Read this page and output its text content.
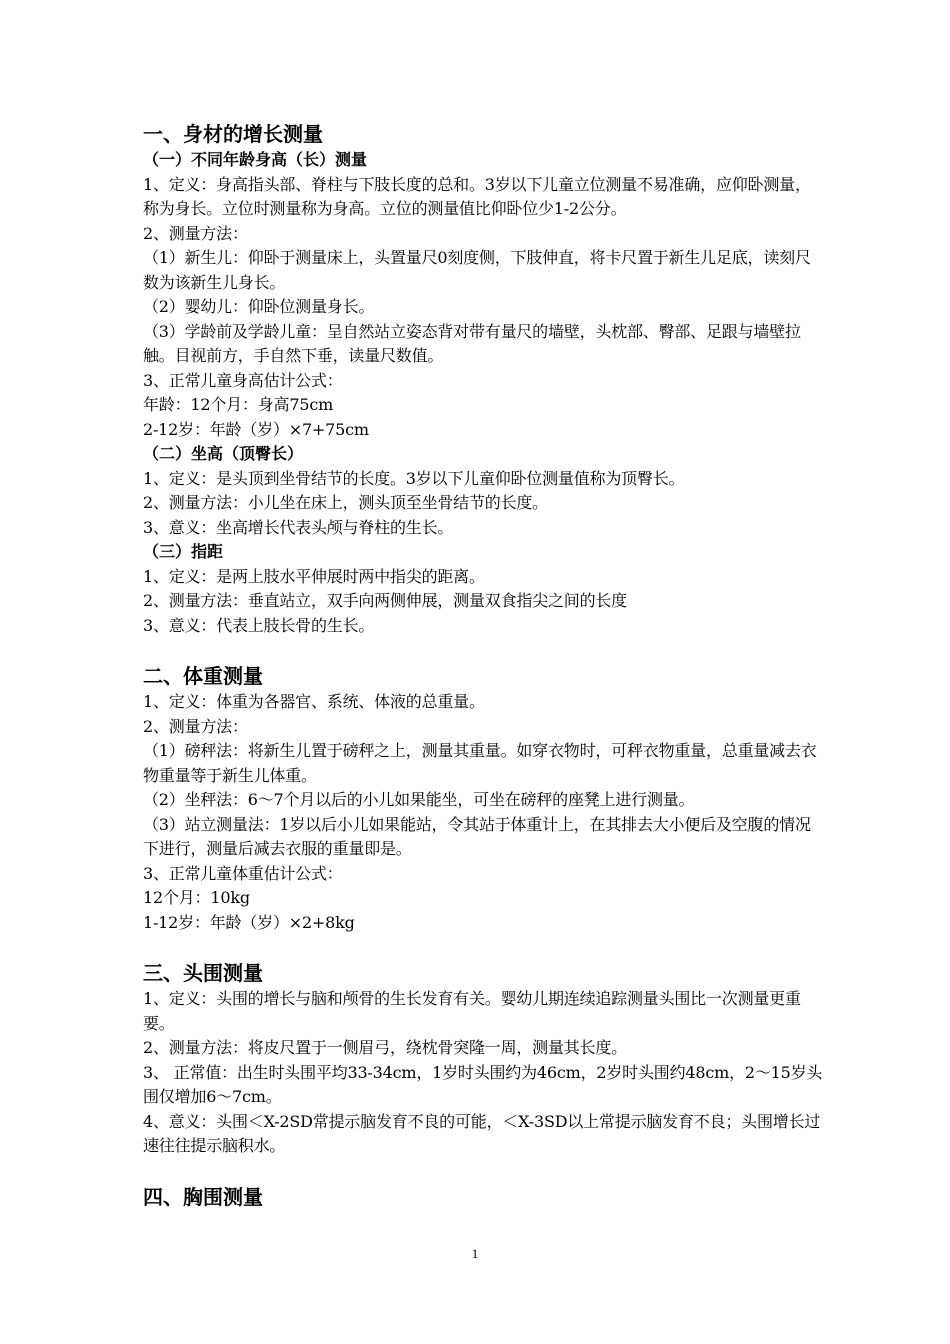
一、身材的增长测量
（一）不同年龄身高（长）测量

1、定义：身高指头部、脊柱与下肢长度的总和。3岁以下儿童立位测量不易准确，应仰卧测量，称为身长。立位时测量称为身高。立位的测量值比仰卧位少1-2公分。

2、测量方法：

（1）新生儿：仰卧于测量床上，头置量尺0刻度侧，下肢伸直，将卡尺置于新生儿足底，读刻尺数为该新生儿身长。

（2）婴幼儿：仰卧位测量身长。

（3）学龄前及学龄儿童：呈自然站立姿态背对带有量尺的墙壁，头枕部、臀部、足跟与墙壁拉触。目视前方，手自然下垂，读量尺数值。

3、正常儿童身高估计公式：

年龄：12个月：身高75cm

2-12岁：年龄（岁）×7+75cm

（二）坐高（顶臀长）

1、定义：是头顶到坐骨结节的长度。3岁以下儿童仰卧位测量值称为顶臀长。

2、测量方法：小儿坐在床上，测头顶至坐骨结节的长度。

3、意义：坐高增长代表头颅与脊柱的生长。

（三）指距

1、定义：是两上肢水平伸展时两中指尖的距离。

2、测量方法：垂直站立，双手向两侧伸展，测量双食指尖之间的长度

3、意义：代表上肢长骨的生长。

二、体重测量

1、定义：体重为各器官、系统、体液的总重量。

2、测量方法：

（1）磅秤法：将新生儿置于磅秤之上，测量其重量。如穿衣物时，可秤衣物重量，总重量减去衣物重量等于新生儿体重。

（2）坐秤法：6～7个月以后的小儿如果能坐，可坐在磅秤的座凳上进行测量。

（3）站立测量法：1岁以后小儿如果能站，令其站于体重计上，在其排去大小便后及空腹的情况下进行，测量后减去衣服的重量即是。

3、正常儿童体重估计公式：

12个月：10kg

1-12岁：年龄（岁）×2+8kg

三、头围测量

1、定义：头围的增长与脑和颅骨的生长发育有关。婴幼儿期连续追踪测量头围比一次测量更重要。

2、测量方法：将皮尺置于一侧眉弓，绕枕骨突隆一周，测量其长度。

3、 正常值：出生时头围平均33-34cm，1岁时头围约为46cm，2岁时头围约48cm，2～15岁头围仅增加6～7cm。

4、意义：头围＜X-2SD常提示脑发育不良的可能，＜X-3SD以上常提示脑发育不良；头围增长过速往往提示脑积水。

四、胸围测量
1
